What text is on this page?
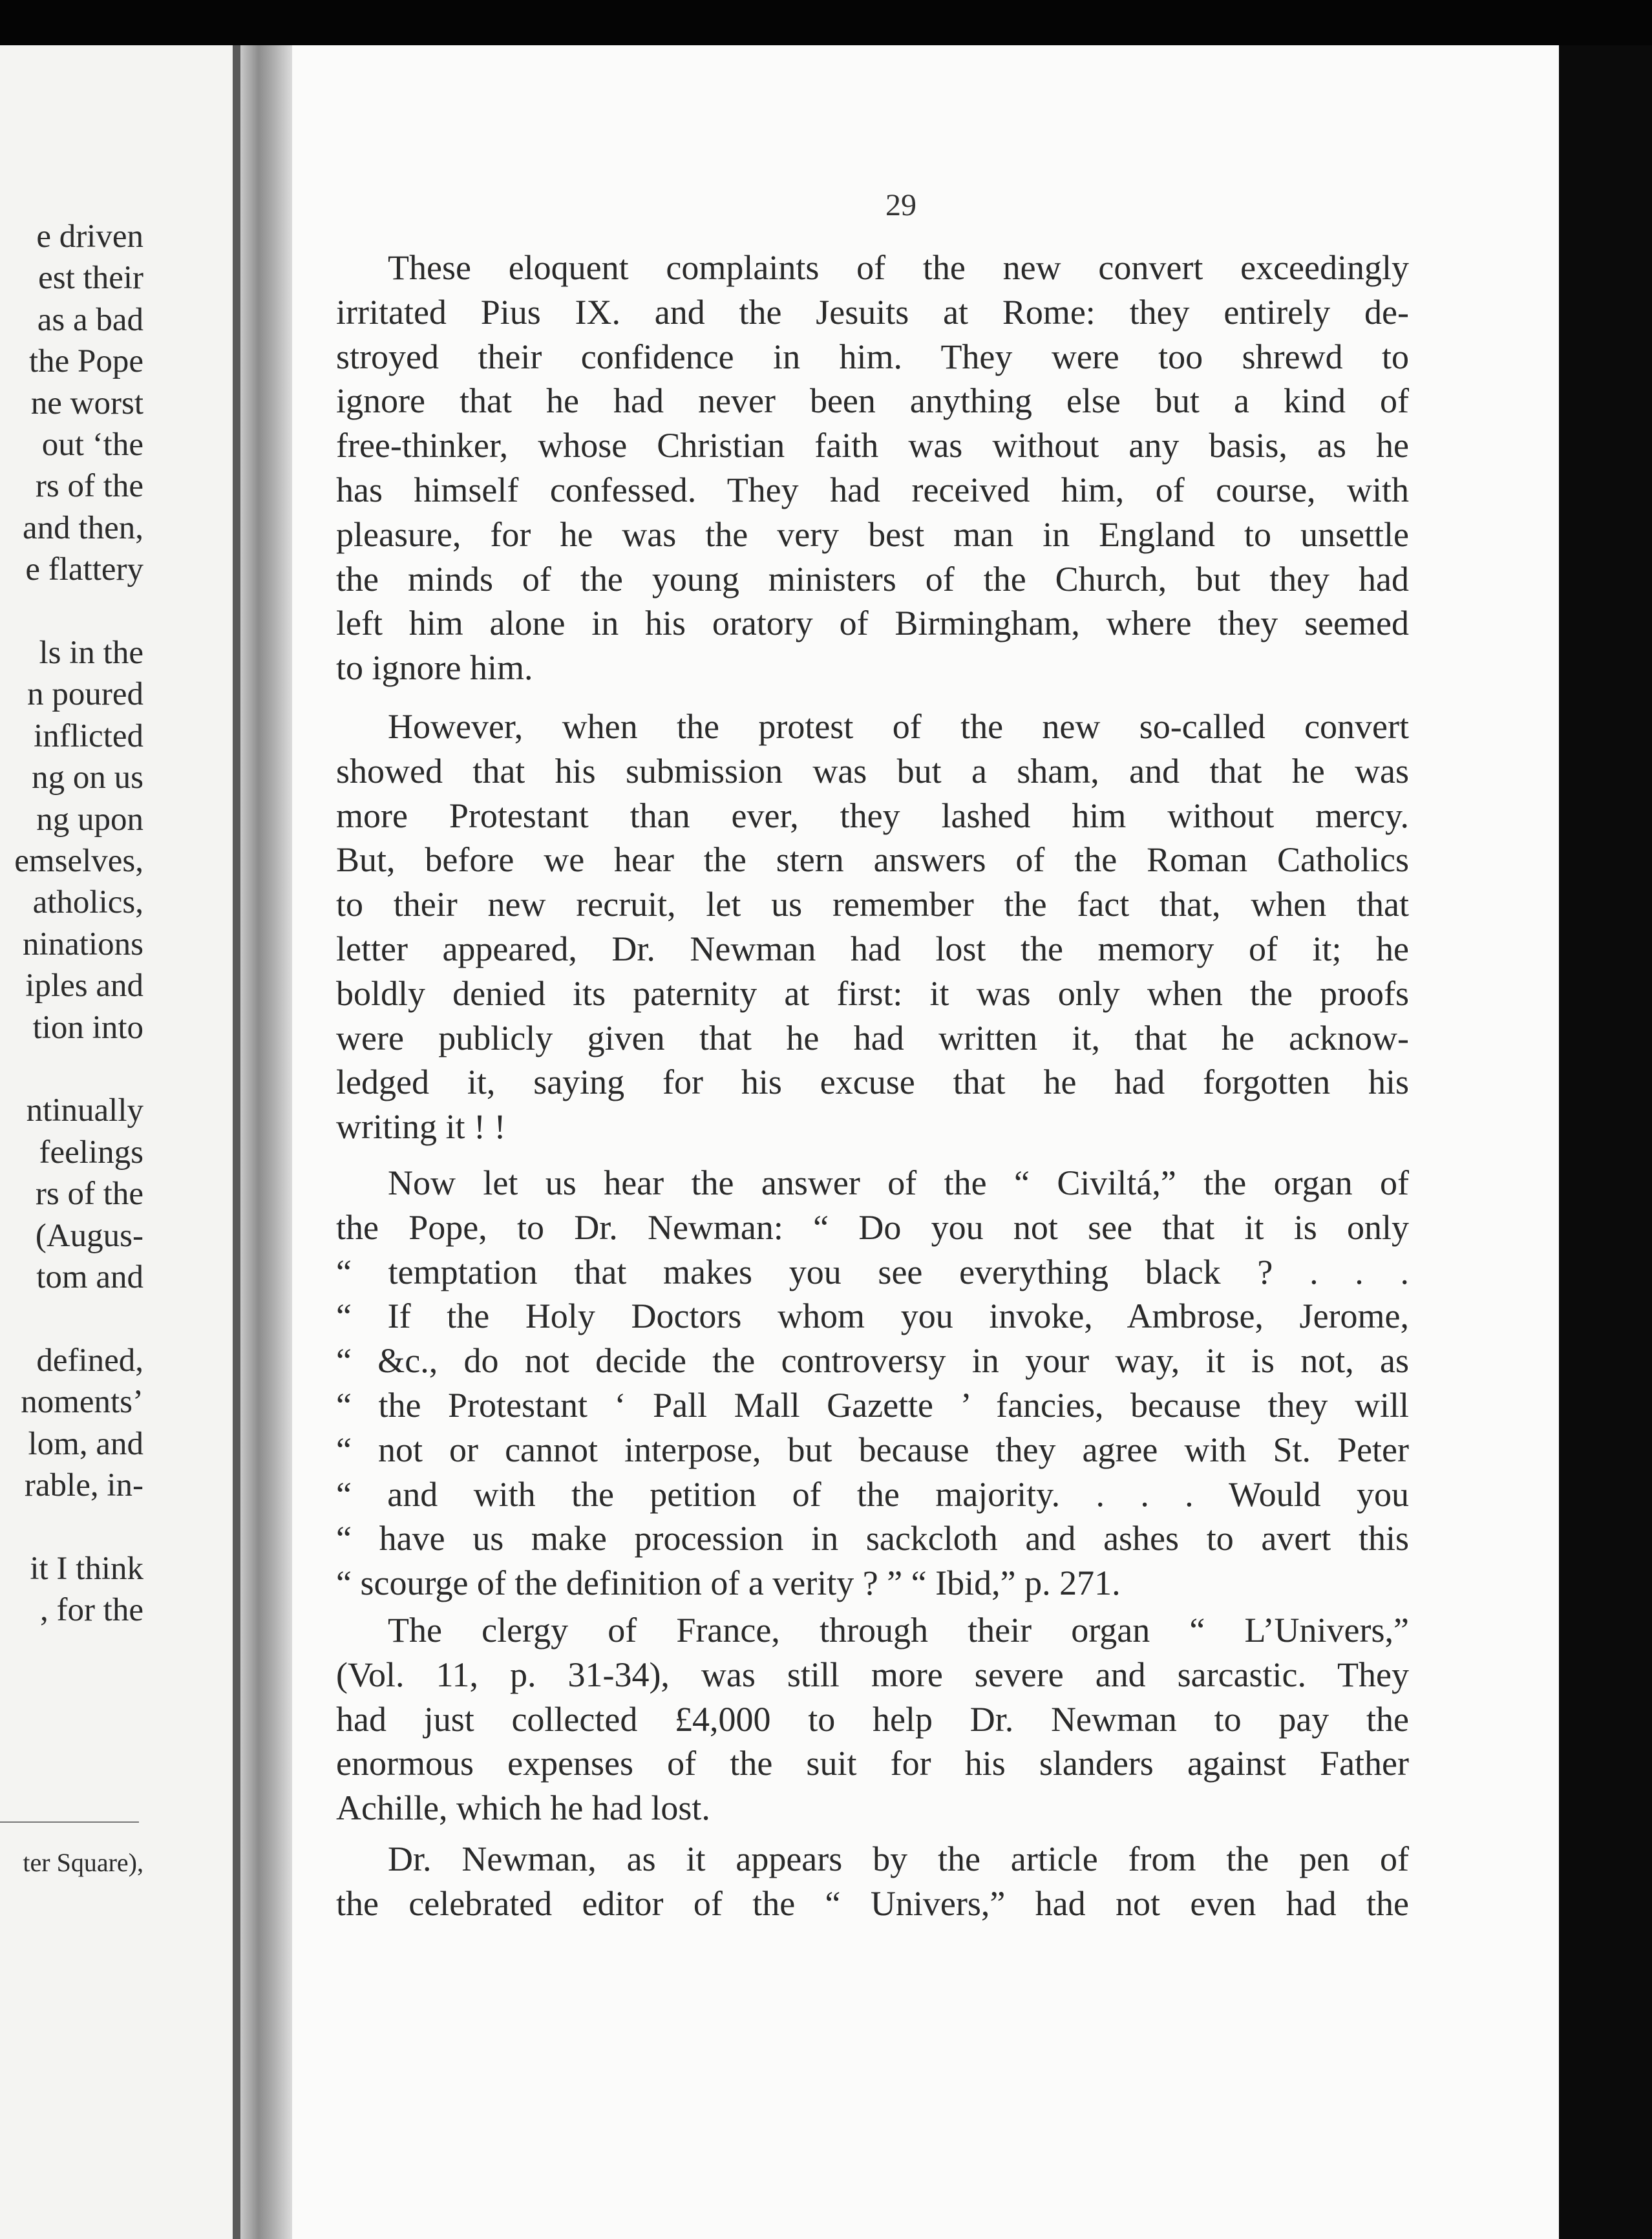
e driven
est their
as a bad
the Pope
ne worst
out ‘the
rs of the
and then,
e flattery
ls in the
n poured
inflicted
ng on us
ng upon
emselves,
atholics,
ninations
iples and
tion into
ntinually
feelings
rs of the
(Augus-
tom and
defined,
noments’
lom, and
rable, in-
it I think
, for the
ter Square),
29
These eloquent complaints of the new convert exceedingly
irritated Pius IX. and the Jesuits at Rome: they entirely de-
stroyed their confidence in him. They were too shrewd to
ignore that he had never been anything else but a kind of
free-thinker, whose Christian faith was without any basis, as he
has himself confessed. They had received him, of course, with
pleasure, for he was the very best man in England to unsettle
the minds of the young ministers of the Church, but they had
left him alone in his oratory of Birmingham, where they seemed
to ignore him.
However, when the protest of the new so-called convert
showed that his submission was but a sham, and that he was
more Protestant than ever, they lashed him without mercy.
But, before we hear the stern answers of the Roman Catholics
to their new recruit, let us remember the fact that, when that
letter appeared, Dr. Newman had lost the memory of it; he
boldly denied its paternity at first: it was only when the proofs
were publicly given that he had written it, that he acknow-
ledged it, saying for his excuse that he had forgotten his
writing it ! !
Now let us hear the answer of the “ Civiltá,” the organ of
the Pope, to Dr. Newman: “ Do you not see that it is only
“ temptation that makes you see everything black ? . . .
“ If the Holy Doctors whom you invoke, Ambrose, Jerome,
“ &c., do not decide the controversy in your way, it is not, as
“ the Protestant ‘ Pall Mall Gazette ’ fancies, because they will
“ not or cannot interpose, but because they agree with St. Peter
“ and with the petition of the majority. . . . Would you
“ have us make procession in sackcloth and ashes to avert this
“ scourge of the definition of a verity ? ” “ Ibid,” p. 271.
The clergy of France, through their organ “ L’Univers,”
(Vol. 11, p. 31-34), was still more severe and sarcastic. They
had just collected £4,000 to help Dr. Newman to pay the
enormous expenses of the suit for his slanders against Father
Achille, which he had lost.
Dr. Newman, as it appears by the article from the pen of
the celebrated editor of the “ Univers,” had not even had the
